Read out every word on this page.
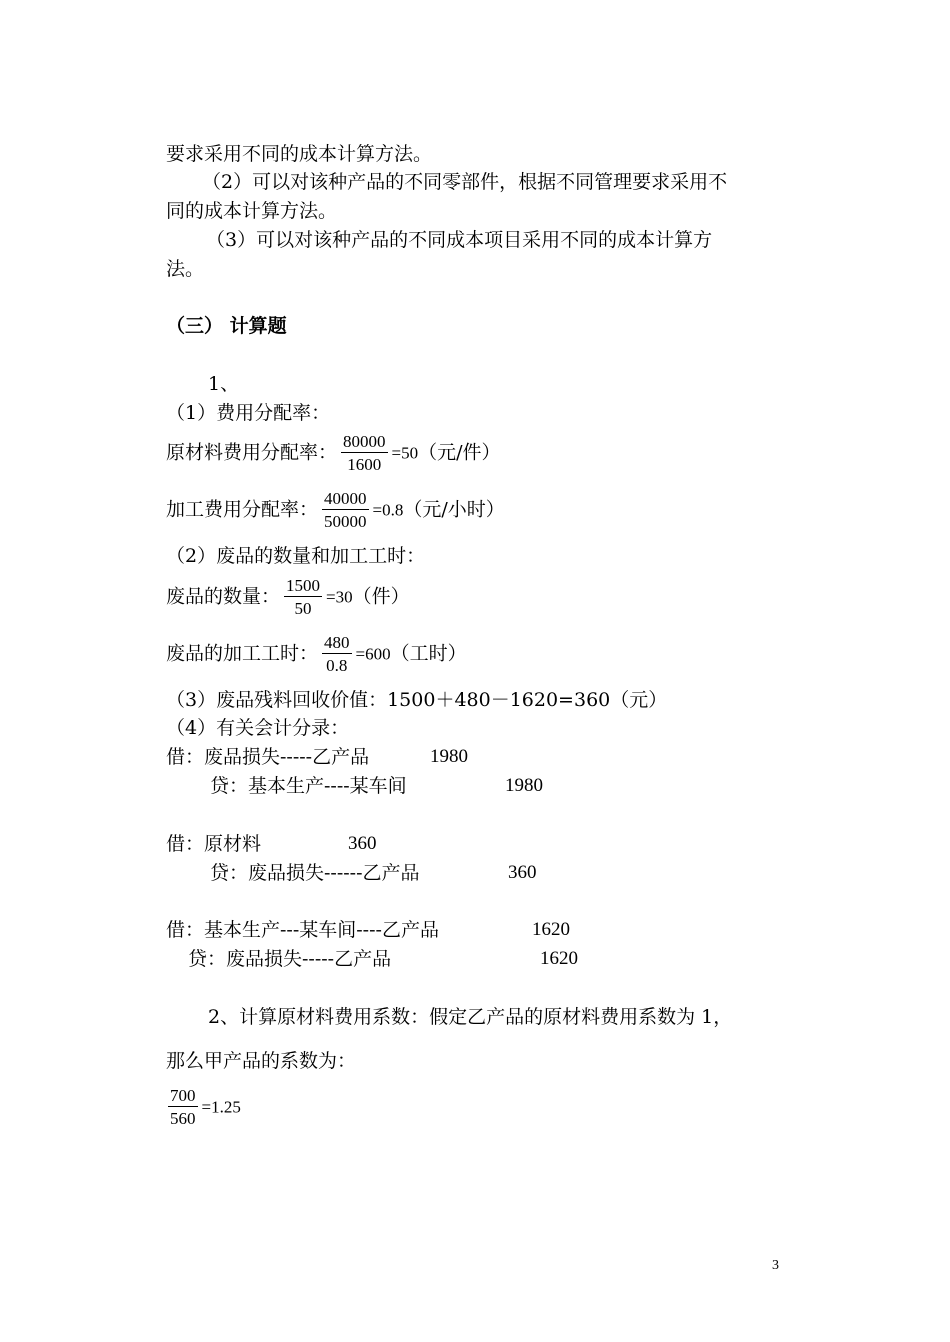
要求采用不同的成本计算方法。
（2）可以对该种产品的不同零部件，根据不同管理要求采用不
同的成本计算方法。
（3）可以对该种产品的不同成本项目采用不同的成本计算方
法。
（三） 计算题
1、
（1）费用分配率：
原材料费用分配率： $\frac{80000}{1600} =50$（元/件）
加工费用分配率： $\frac{40000}{50000} =0.8$（元/小时）
（2）废品的数量和加工工时：
废品的数量： $\frac{1500}{50} =30$（件）
废品的加工工时： $\frac{480}{0.8} =600$（工时）
（3）废品残料回收价值：1500＋480－1620=360（元）
（4）有关会计分录：
借：废品损失-----乙产品	1980
贷：基本生产----某车间	1980
借：原材料	360
贷：废品损失------乙产品	360
借：基本生产---某车间----乙产品	1620
贷：废品损失-----乙产品	1620
2、计算原材料费用系数：假定乙产品的原材料费用系数为 1，
那么甲产品的系数为：
$\frac{700}{560} =1.25$
3
